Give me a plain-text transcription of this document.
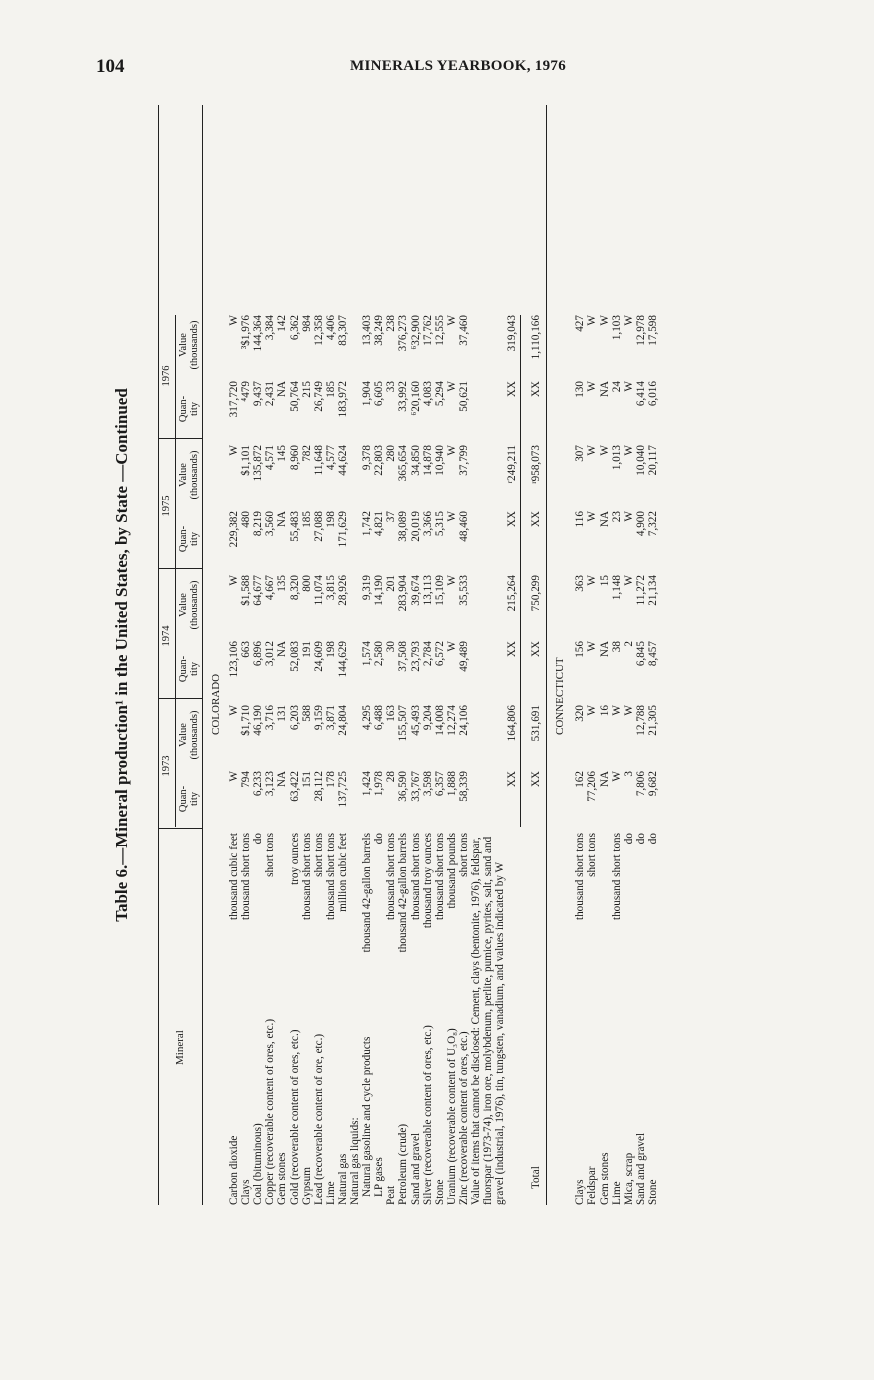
104	MINERALS YEARBOOK, 1976
Table 6.—Mineral production¹ in the United States, by State —Continued
Mineral
1973
1974
1975
1976
Quan-
tity
Value
(thousands)
Quan-
tity
Value
(thousands)
Quan-
tity
Value
(thousands)
Quan-
tity
Value
(thousands)
COLORADO
Carbon dioxide
thousand cubic feet
W
W
123,106
W
229,382
W
317,720
W
Clays
thousand short tons
794
$1,710
663
$1,588
480
$1,101
⁴479
³$1,976
Coal (bituminous)
do
6,233
46,190
6,896
64,677
8,219
135,872
9,437
144,364
Copper (recoverable content of ores, etc.)
short tons
3,123
3,716
3,012
4,667
3,560
4,571
2,431
3,384
Gem stones
NA
131
NA
135
NA
145
NA
142
Gold (recoverable content of ores, etc.)
troy ounces
63,422
6,203
52,083
8,320
55,483
8,960
50,764
6,362
Gypsum
thousand short tons
151
588
191
800
185
782
215
984
Lead (recoverable content of ore, etc.)
short tons
28,112
9,159
24,609
11,074
27,088
11,648
26,749
12,358
Lime
thousand short tons
178
3,871
198
3,815
198
4,577
185
4,406
Natural gas
million cubic feet
137,725
24,804
144,629
28,926
171,629
44,624
183,972
83,307
Natural gas liquids: Natural gasoline and cycle products
thousand 42-gallon barrels
1,424
4,295
1,574
9,319
1,742
9,378
1,904
13,403
LP gases
do
1,978
6,488
2,580
14,190
4,821
22,803
6,605
38,249
Peat
thousand short tons
28
163
30
201
37
280
33
238
Petroleum (crude)
thousand 42-gallon barrels
36,590
155,507
37,508
283,904
38,089
365,654
33,992
376,273
Sand and gravel
thousand short tons
33,767
45,493
23,793
39,674
20,019
34,850
⁶20,160
⁶32,900
Silver (recoverable content of ores, etc.)
thousand troy ounces
3,598
9,204
2,784
13,113
3,366
14,878
4,083
17,762
Stone
thousand short tons
6,357
14,008
6,572
15,109
5,315
10,940
5,294
12,555
Uranium (recoverable content of U₃O₈)
thousand pounds
1,888
12,274
W
W
W
W
W
W
Zinc (recoverable content of ores, etc.)
short tons
58,339
24,106
49,489
35,533
48,460
37,799
50,621
37,460
Value of items that cannot be disclosed: Cement, clays (bentonite, 1976), feldspar, fluorspar (1973-74), iron ore, molybdenum, perlite, pumice, pyrites, salt, sand and gravel (industrial, 1976), tin, tungsten, vanadium, and values indicated by W
XX
164,806
XX
215,264
XX
ʳ249,211
XX
319,043
Total
XX
531,691
XX
750,299
XX
ʳ958,073
XX
1,110,166
CONNECTICUT
Clays
thousand short tons
162
320
156
363
116
307
130
427
Feldspar
short tons
77,206
W
W
W
W
W
W
W
Gem stones
NA
16
NA
15
NA
W
NA
W
Lime
thousand short tons
W
W
38
1,148
23
1,013
24
1,103
Mica, scrap
do
3
W
2
W
W
W
W
W
Sand and gravel
do
7,806
12,788
6,845
11,272
4,900
10,040
6,414
12,978
Stone
do
9,682
21,305
8,457
21,134
7,322
20,117
6,016
17,598
